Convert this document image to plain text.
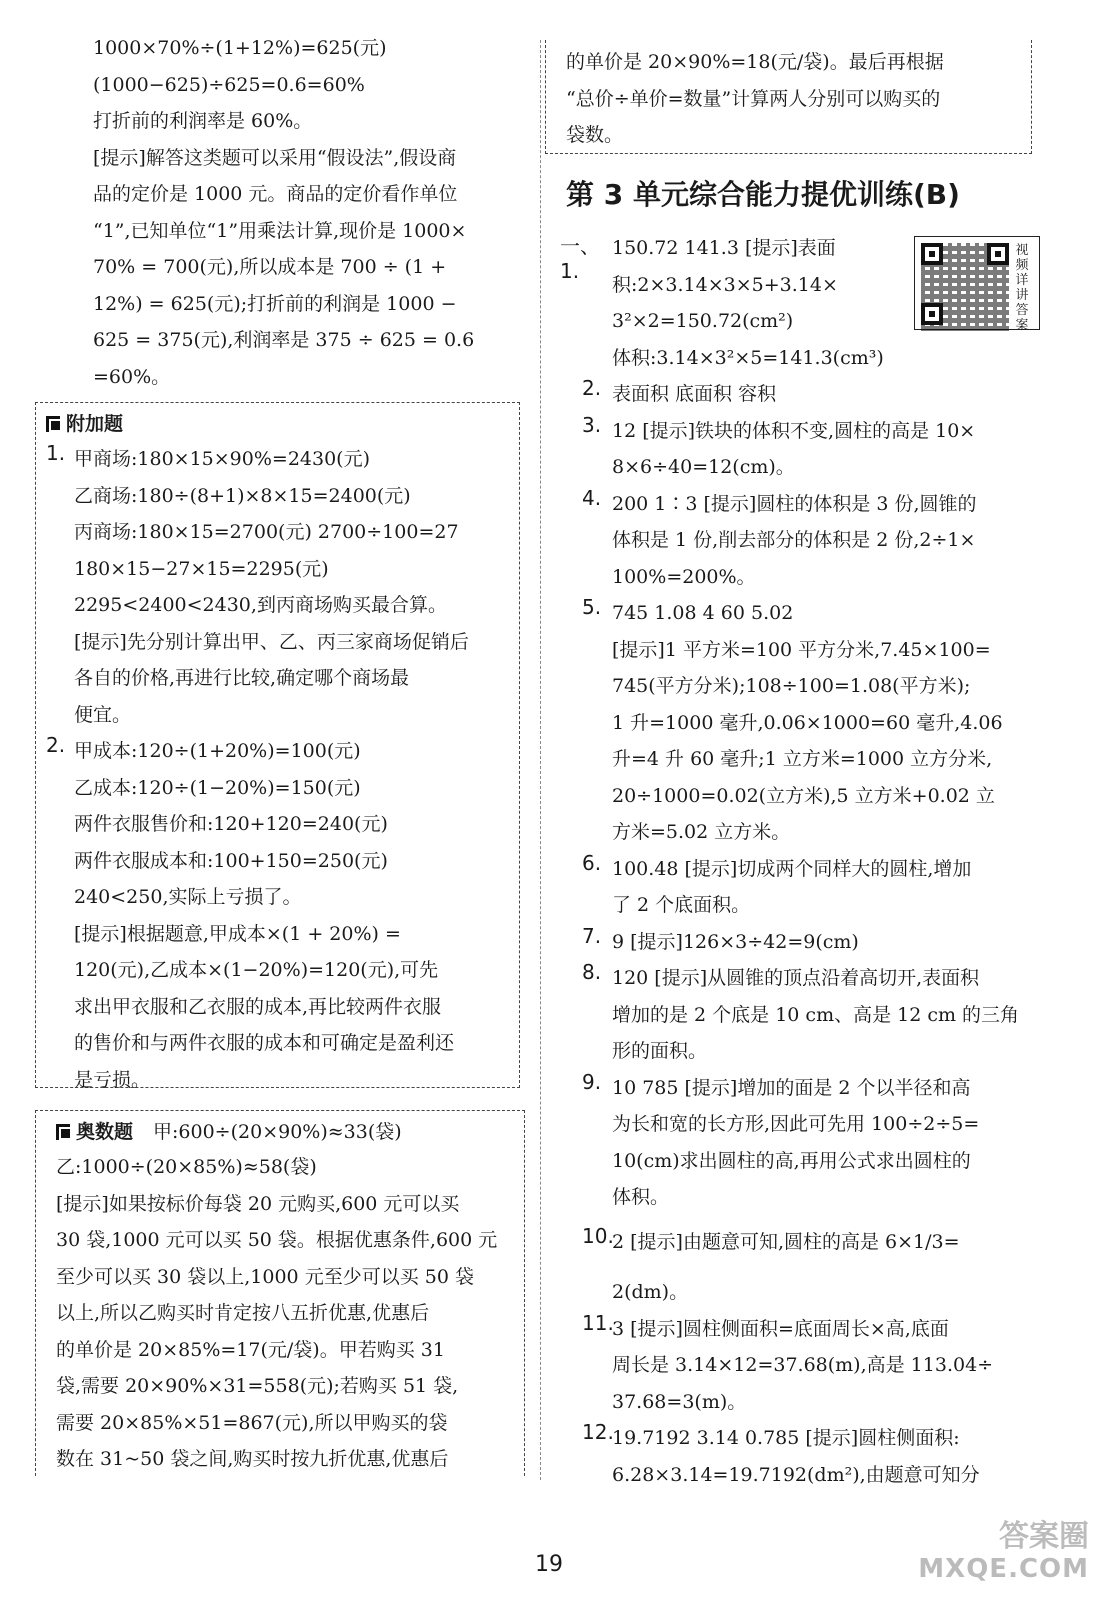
1000×70%÷(1+12%)=625(元)
(1000−625)÷625=0.6=60%
打折前的利润率是 60%。
[提示]解答这类题可以采用“假设法”,假设商
品的定价是 1000 元。商品的定价看作单位
“1”,已知单位“1”用乘法计算,现价是 1000×
70% = 700(元),所以成本是 700 ÷ (1 +
12%) = 625(元);打折前的利润是 1000 −
625 = 375(元),利润率是 375 ÷ 625 = 0.6
=60%。
附加题
1. 甲商场:180×15×90%=2430(元)
乙商场:180÷(8+1)×8×15=2400(元)
丙商场:180×15=2700(元) 2700÷100=27
180×15−27×15=2295(元)
2295<2400<2430,到丙商场购买最合算。
[提示]先分别计算出甲、乙、丙三家商场促销后
各自的价格,再进行比较,确定哪个商场最
便宜。
2. 甲成本:120÷(1+20%)=100(元)
乙成本:120÷(1−20%)=150(元)
两件衣服售价和:120+120=240(元)
两件衣服成本和:100+150=250(元)
240<250,实际上亏损了。
[提示]根据题意,甲成本×(1 + 20%) =
120(元),乙成本×(1−20%)=120(元),可先
求出甲衣服和乙衣服的成本,再比较两件衣服
的售价和与两件衣服的成本和可确定是盈利还
是亏损。
奥数题 甲:600÷(20×90%)≈33(袋)
乙:1000÷(20×85%)≈58(袋)
[提示]如果按标价每袋 20 元购买,600 元可以买
30 袋,1000 元可以买 50 袋。根据优惠条件,600 元
至少可以买 30 袋以上,1000 元至少可以买 50 袋
以上,所以乙购买时肯定按八五折优惠,优惠后
的单价是 20×85%=17(元/袋)。甲若购买 31
袋,需要 20×90%×31=558(元);若购买 51 袋,
需要 20×85%×51=867(元),所以甲购买的袋
数在 31~50 袋之间,购买时按九折优惠,优惠后
的单价是 20×90%=18(元/袋)。最后再根据
“总价÷单价=数量”计算两人分别可以购买的
袋数。
第 3 单元综合能力提优训练(B)
视频详讲答案
一、1.
150.72 141.3 [提示]表面
积:2×3.14×3×5+3.14×
3²×2=150.72(cm²)
体积:3.14×3²×5=141.3(cm³)
2. 表面积 底面积 容积
3. 12 [提示]铁块的体积不变,圆柱的高是 10×
8×6÷40=12(cm)。
4. 200 1∶3 [提示]圆柱的体积是 3 份,圆锥的
体积是 1 份,削去部分的体积是 2 份,2÷1×
100%=200%。
5. 745 1.08 4 60 5.02
[提示]1 平方米=100 平方分米,7.45×100=
745(平方分米);108÷100=1.08(平方米);
1 升=1000 毫升,0.06×1000=60 毫升,4.06
升=4 升 60 毫升;1 立方米=1000 立方分米,
20÷1000=0.02(立方米),5 立方米+0.02 立
方米=5.02 立方米。
6. 100.48 [提示]切成两个同样大的圆柱,增加
了 2 个底面积。
7. 9 [提示]126×3÷42=9(cm)
8. 120 [提示]从圆锥的顶点沿着高切开,表面积
增加的是 2 个底是 10 cm、高是 12 cm 的三角
形的面积。
9. 10 785 [提示]增加的面是 2 个以半径和高
为长和宽的长方形,因此可先用 100÷2÷5=
10(cm)求出圆柱的高,再用公式求出圆柱的
体积。
10.
2 [提示]由题意可知,圆柱的高是 6×1/3=
2(dm)。
11.
3 [提示]圆柱侧面积=底面周长×高,底面
周长是 3.14×12=37.68(m),高是 113.04÷
37.68=3(m)。
12.
19.7192 3.14 0.785 [提示]圆柱侧面积:
6.28×3.14=19.7192(dm²),由题意可知分
19
答案圈
MXQE.COM
